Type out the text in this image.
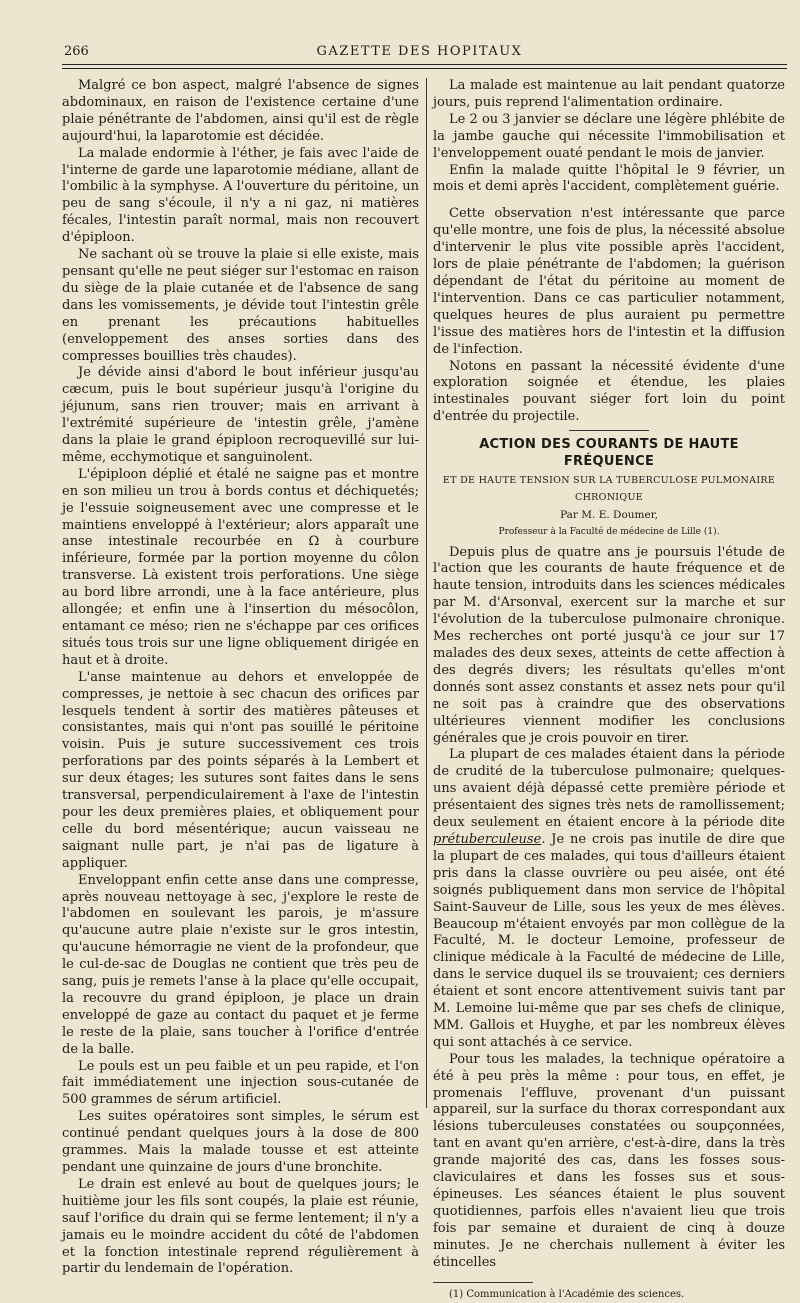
266	GAZETTE DES HOPITAUX

Malgré ce bon aspect, malgré l'absence de signes abdominaux, en raison de l'existence certaine d'une plaie pénétrante de l'abdomen, ainsi qu'il est de règle aujourd'hui, la laparotomie est décidée.

La malade endormie à l'éther, je fais avec l'aide de l'interne de garde une laparotomie médiane, allant de l'ombilic à la symphyse. A l'ouverture du péritoine, un peu de sang s'écoule, il n'y a ni gaz, ni matières fécales, l'intestin paraît normal, mais non recouvert d'épiploon.

Ne sachant où se trouve la plaie si elle existe, mais pensant qu'elle ne peut siéger sur l'estomac en raison du siège de la plaie cutanée et de l'absence de sang dans les vomissements, je dévide tout l'intestin grêle en prenant les précautions habituelles (enveloppement des anses sorties dans des compresses bouillies très chaudes).

Je dévide ainsi d'abord le bout inférieur jusqu'au cæcum, puis le bout supérieur jusqu'à l'origine du jéjunum, sans rien trouver; mais en arrivant à l'extrémité supérieure de 'intestin grêle, j'amène dans la plaie le grand épiploon recroquevillé sur lui-même, ecchymotique et sanguinolent.

L'épiploon déplié et étalé ne saigne pas et montre en son milieu un trou à bords contus et déchiquetés; je l'essuie soigneusement avec une compresse et le maintiens enveloppé à l'extérieur; alors apparaît une anse intestinale recourbée en Ω à courbure inférieure, formée par la portion moyenne du côlon transverse. Là existent trois perforations. Une siège au bord libre arrondi, une à la face antérieure, plus allongée; et enfin une à l'insertion du mésocôlon, entamant ce méso; rien ne s'échappe par ces orifices situés tous trois sur une ligne obliquement dirigée en haut et à droite.

L'anse maintenue au dehors et enveloppée de compresses, je nettoie à sec chacun des orifices par lesquels tendent à sortir des matières pâteuses et consistantes, mais qui n'ont pas souillé le péritoine voisin. Puis je suture successivement ces trois perforations par des points séparés à la Lembert et sur deux étages; les sutures sont faites dans le sens transversal, perpendiculairement à l'axe de l'intestin pour les deux premières plaies, et obliquement pour celle du bord mésentérique; aucun vaisseau ne saignant nulle part, je n'ai pas de ligature à appliquer.

Enveloppant enfin cette anse dans une compresse, après nouveau nettoyage à sec, j'explore le reste de l'abdomen en soulevant les parois, je m'assure qu'aucune autre plaie n'existe sur le gros intestin, qu'aucune hémorragie ne vient de la profondeur, que le cul-de-sac de Douglas ne contient que très peu de sang, puis je remets l'anse à la place qu'elle occupait, la recouvre du grand épiploon, je place un drain enveloppé de gaze au contact du paquet et je ferme le reste de la plaie, sans toucher à l'orifice d'entrée de la balle.

Le pouls est un peu faible et un peu rapide, et l'on fait immédiatement une injection sous-cutanée de 500 grammes de sérum artificiel.

Les suites opératoires sont simples, le sérum est continué pendant quelques jours à la dose de 800 grammes. Mais la malade tousse et est atteinte pendant une quinzaine de jours d'une bronchite.

Le drain est enlevé au bout de quelques jours; le huitième jour les fils sont coupés, la plaie est réunie, sauf l'orifice du drain qui se ferme lentement; il n'y a jamais eu le moindre accident du côté de l'abdomen et la fonction intestinale reprend régulièrement à partir du lendemain de l'opération.

La malade est maintenue au lait pendant quatorze jours, puis reprend l'alimentation ordinaire.

Le 2 ou 3 janvier se déclare une légère phlébite de la jambe gauche qui nécessite l'immobilisation et l'enveloppement ouaté pendant le mois de janvier.

Enfin la malade quitte l'hôpital le 9 février, un mois et demi après l'accident, complètement guérie.

Cette observation n'est intéressante que parce qu'elle montre, une fois de plus, la nécessité absolue d'intervenir le plus vite possible après l'accident, lors de plaie pénétrante de l'abdomen; la guérison dépendant de l'état du péritoine au moment de l'intervention. Dans ce cas particulier notamment, quelques heures de plus auraient pu permettre l'issue des matières hors de l'intestin et la diffusion de l'infection.

Notons en passant la nécessité évidente d'une exploration soignée et étendue, les plaies intestinales pouvant siéger fort loin du point d'entrée du projectile.

ACTION DES COURANTS DE HAUTE FRÉQUENCE
ET DE HAUTE TENSION SUR LA TUBERCULOSE PULMONAIRE CHRONIQUE
Par M. E. Doumer,
Professeur à la Faculté de médecine de Lille (1).

Depuis plus de quatre ans je poursuis l'étude de l'action que les courants de haute fréquence et de haute tension, introduits dans les sciences médicales par M. d'Arsonval, exercent sur la marche et sur l'évolution de la tuberculose pulmonaire chronique. Mes recherches ont porté jusqu'à ce jour sur 17 malades des deux sexes, atteints de cette affection à des degrés divers; les résultats qu'elles m'ont donnés sont assez constants et assez nets pour qu'il ne soit pas à craindre que des observations ultérieures viennent modifier les conclusions générales que je crois pouvoir en tirer.

La plupart de ces malades étaient dans la période de crudité de la tuberculose pulmonaire; quelques-uns avaient déjà dépassé cette première période et présentaient des signes très nets de ramollissement; deux seulement en étaient encore à la période dite prétuberculeuse. Je ne crois pas inutile de dire que la plupart de ces malades, qui tous d'ailleurs étaient pris dans la classe ouvrière ou peu aisée, ont été soignés publiquement dans mon service de l'hôpital Saint-Sauveur de Lille, sous les yeux de mes élèves. Beaucoup m'étaient envoyés par mon collègue de la Faculté, M. le docteur Lemoine, professeur de clinique médicale à la Faculté de médecine de Lille, dans le service duquel ils se trouvaient; ces derniers étaient et sont encore attentivement suivis tant par M. Lemoine lui-même que par ses chefs de clinique, MM. Gallois et Huyghe, et par les nombreux élèves qui sont attachés à ce service.

Pour tous les malades, la technique opératoire a été à peu près la même : pour tous, en effet, je promenais l'effluve, provenant d'un puissant appareil, sur la surface du thorax correspondant aux lésions tuberculeuses constatées ou soupçonnées, tant en avant qu'en arrière, c'est-à-dire, dans la très grande majorité des cas, dans les fosses sous-claviculaires et dans les fosses sus et sous-épineuses. Les séances étaient le plus souvent quotidiennes, parfois elles n'avaient lieu que trois fois par semaine et duraient de cinq à douze minutes. Je ne cherchais nullement à éviter les étincelles

(1) Communication à l'Académie des sciences.
